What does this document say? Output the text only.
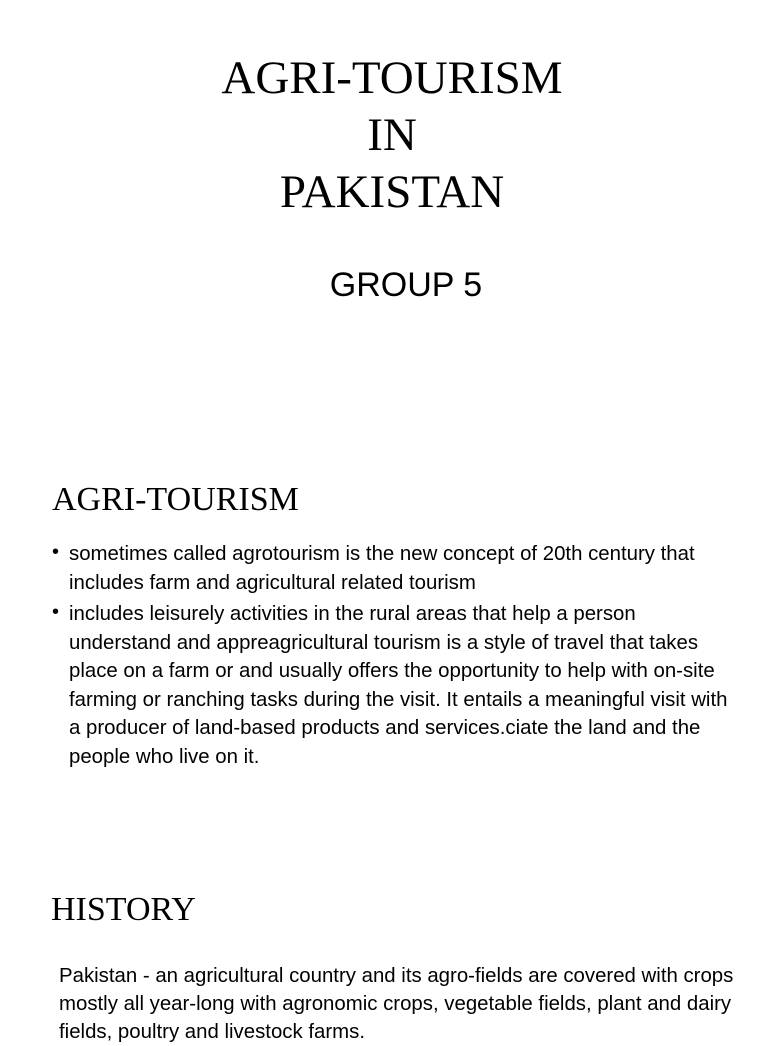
AGRI-TOURISM
IN
PAKISTAN

GROUP 5

AGRI-TOURISM
• sometimes called agrotourism is the new concept of 20th century that includes farm and agricultural related tourism
• includes leisurely activities in the rural areas that help a person understand and appreagricultural tourism is a style of travel that takes place on a farm or and usually offers the opportunity to help with on-site farming or ranching tasks during the visit. It entails a meaningful visit with a producer of land-based products and services.ciate the land and the people who live on it.
HISTORY

Pakistan - an agricultural country and its agro-fields are covered with crops mostly all year-long with agronomic crops, vegetable fields, plant and dairy fields, poultry and livestock farms.
